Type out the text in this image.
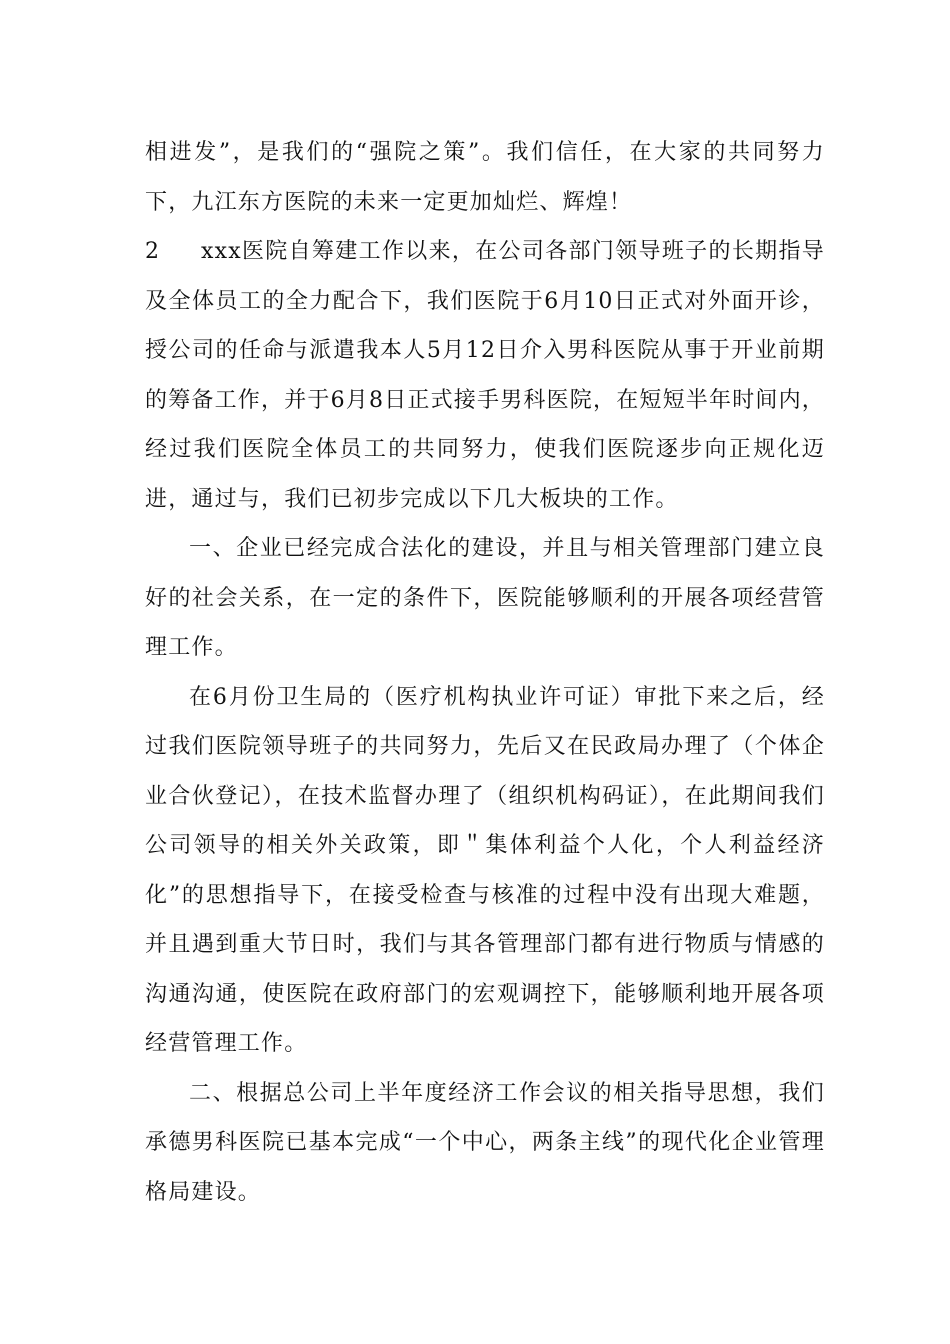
相进发”，是我们的“强院之策”。我们信任，在大家的共同努力下，九江东方医院的未来一定更加灿烂、辉煌！

2 xxx医院自筹建工作以来，在公司各部门领导班子的长期指导及全体员工的全力配合下，我们医院于6月10日正式对外面开诊，授公司的任命与派遣我本人5月12日介入男科医院从事于开业前期的筹备工作，并于6月8日正式接手男科医院，在短短半年时间内，经过我们医院全体员工的共同努力，使我们医院逐步向正规化迈进，通过与，我们已初步完成以下几大板块的工作。

一、企业已经完成合法化的建设，并且与相关管理部门建立良好的社会关系，在一定的条件下，医院能够顺利的开展各项经营管理工作。

在6月份卫生局的（医疗机构执业许可证）审批下来之后，经过我们医院领导班子的共同努力，先后又在民政局办理了（个体企业合伙登记），在技术监督办理了（组织机构码证），在此期间我们公司领导的相关外关政策，即＂集体利益个人化，个人利益经济化”的思想指导下，在接受检查与核准的过程中没有出现大难题，并且遇到重大节日时，我们与其各管理部门都有进行物质与情感的沟通沟通，使医院在政府部门的宏观调控下，能够顺利地开展各项经营管理工作。

二、根据总公司上半年度经济工作会议的相关指导思想，我们承德男科医院已基本完成“一个中心，两条主线”的现代化企业管理格局建设。
